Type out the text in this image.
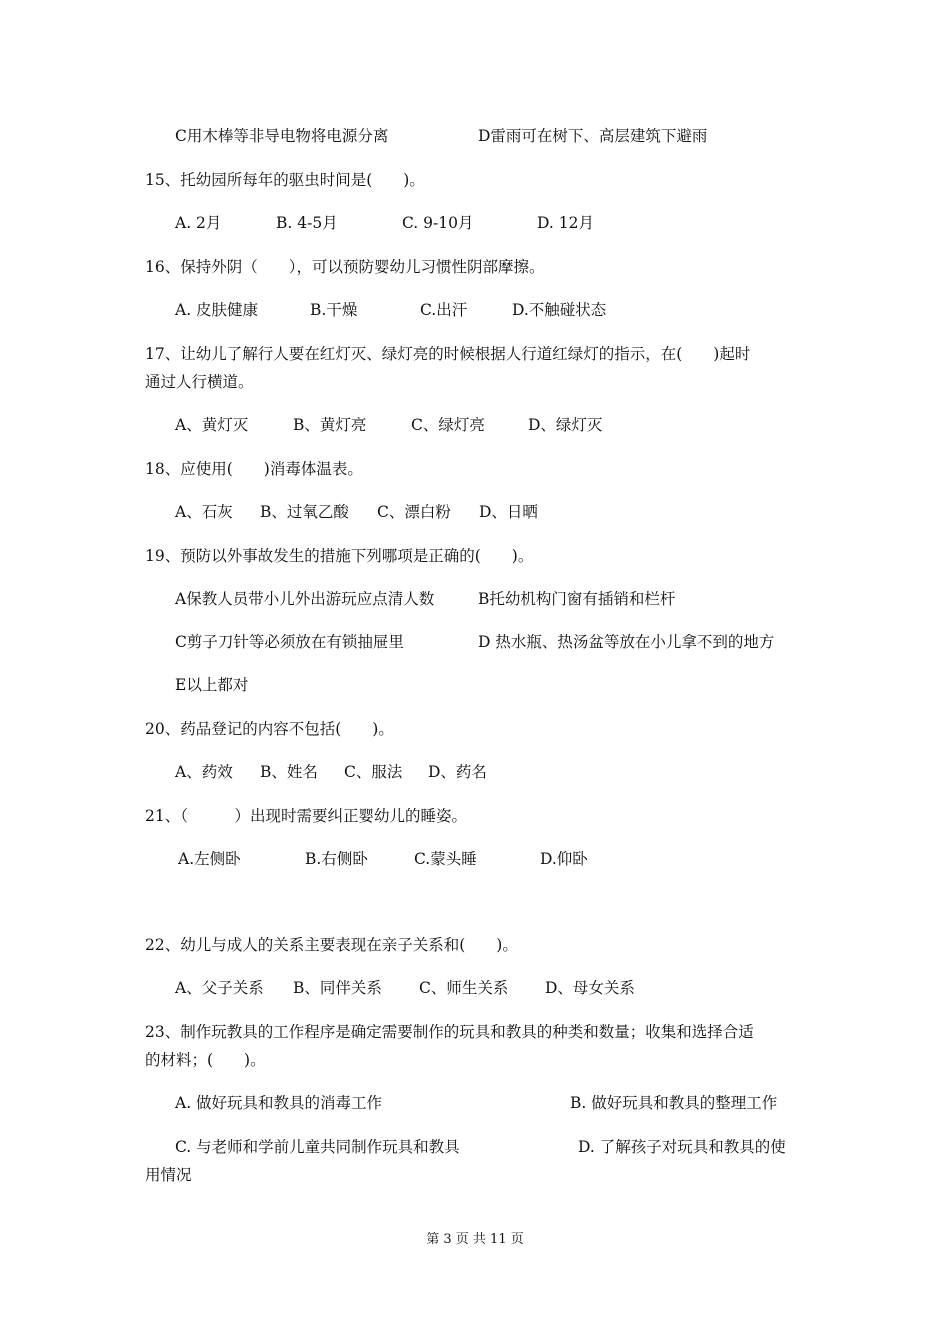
C用木棒等非导电物将电源分离	D雷雨可在树下、高层建筑下避雨
15、托幼园所每年的驱虫时间是(　　)。
A. 2月	B. 4-5月	C. 9-10月	D. 12月
16、保持外阴（　　），可以预防婴幼儿习惯性阴部摩擦。
A. 皮肤健康	B.干燥	C.出汗	D.不触碰状态
17、让幼儿了解行人要在红灯灭、绿灯亮的时候根据人行道红绿灯的指示，在(　　)起时
通过人行横道。
A、黄灯灭	B、黄灯亮	C、绿灯亮	D、绿灯灭
18、应使用(　　)消毒体温表。
A、石灰 B、过氧乙酸 C、漂白粉 D、日晒
19、预防以外事故发生的措施下列哪项是正确的(　　)。
A保教人员带小儿外出游玩应点清人数	B托幼机构门窗有插销和栏杆
C剪子刀针等必须放在有锁抽屉里	D 热水瓶、热汤盆等放在小儿拿不到的地方
E以上都对
20、药品登记的内容不包括(　　)。
A、药效 B、姓名 C、服法 D、药名
21、（　　　）出现时需要纠正婴幼儿的睡姿。
A.左侧卧	B.右侧卧	C.蒙头睡	D.仰卧
22、幼儿与成人的关系主要表现在亲子关系和(　　)。
A、父子关系 B、同伴关系 C、师生关系 D、母女关系
23、制作玩教具的工作程序是确定需要制作的玩具和教具的种类和数量；收集和选择合适
的材料；(　　)。
A. 做好玩具和教具的消毒工作	B. 做好玩具和教具的整理工作
C. 与老师和学前儿童共同制作玩具和教具	D. 了解孩子对玩具和教具的使
用情况
第 3 页 共 11 页
